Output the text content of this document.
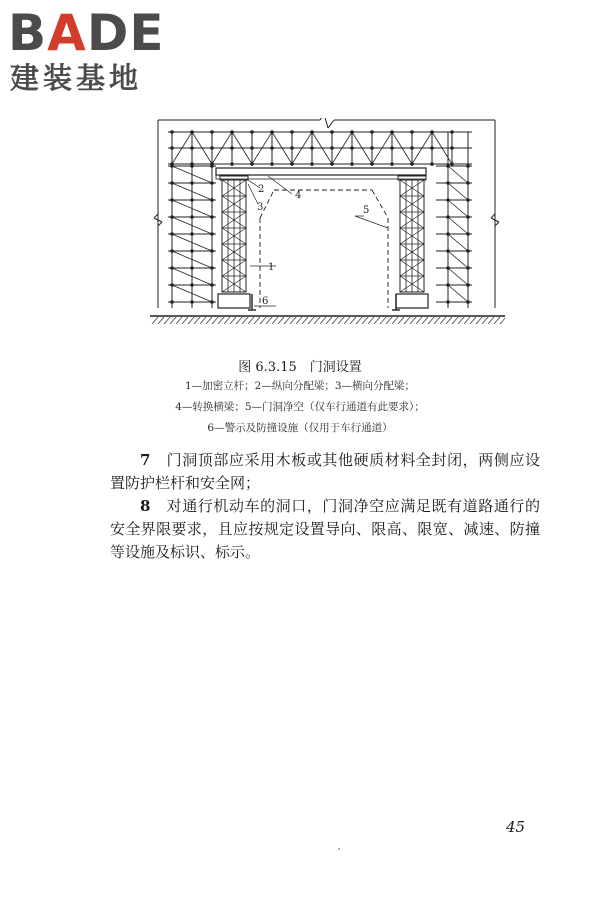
BADE
建装基地
1
2
3
4
5
6
图 6.3.15　门洞设置
1—加密立杆；2—纵向分配梁；3—横向分配梁；
4—转换横梁；5—门洞净空（仅车行通道有此要求）；
6—警示及防撞设施（仅用于车行通道）
7　 门洞顶部应采用木板或其他硬质材料全封闭，两侧应设置防护栏杆和安全网；
8　 对通行机动车的洞口，门洞净空应满足既有道路通行的安全界限要求，且应按规定设置导向、限高、限宽、减速、防撞等设施及标识、标示。
45
